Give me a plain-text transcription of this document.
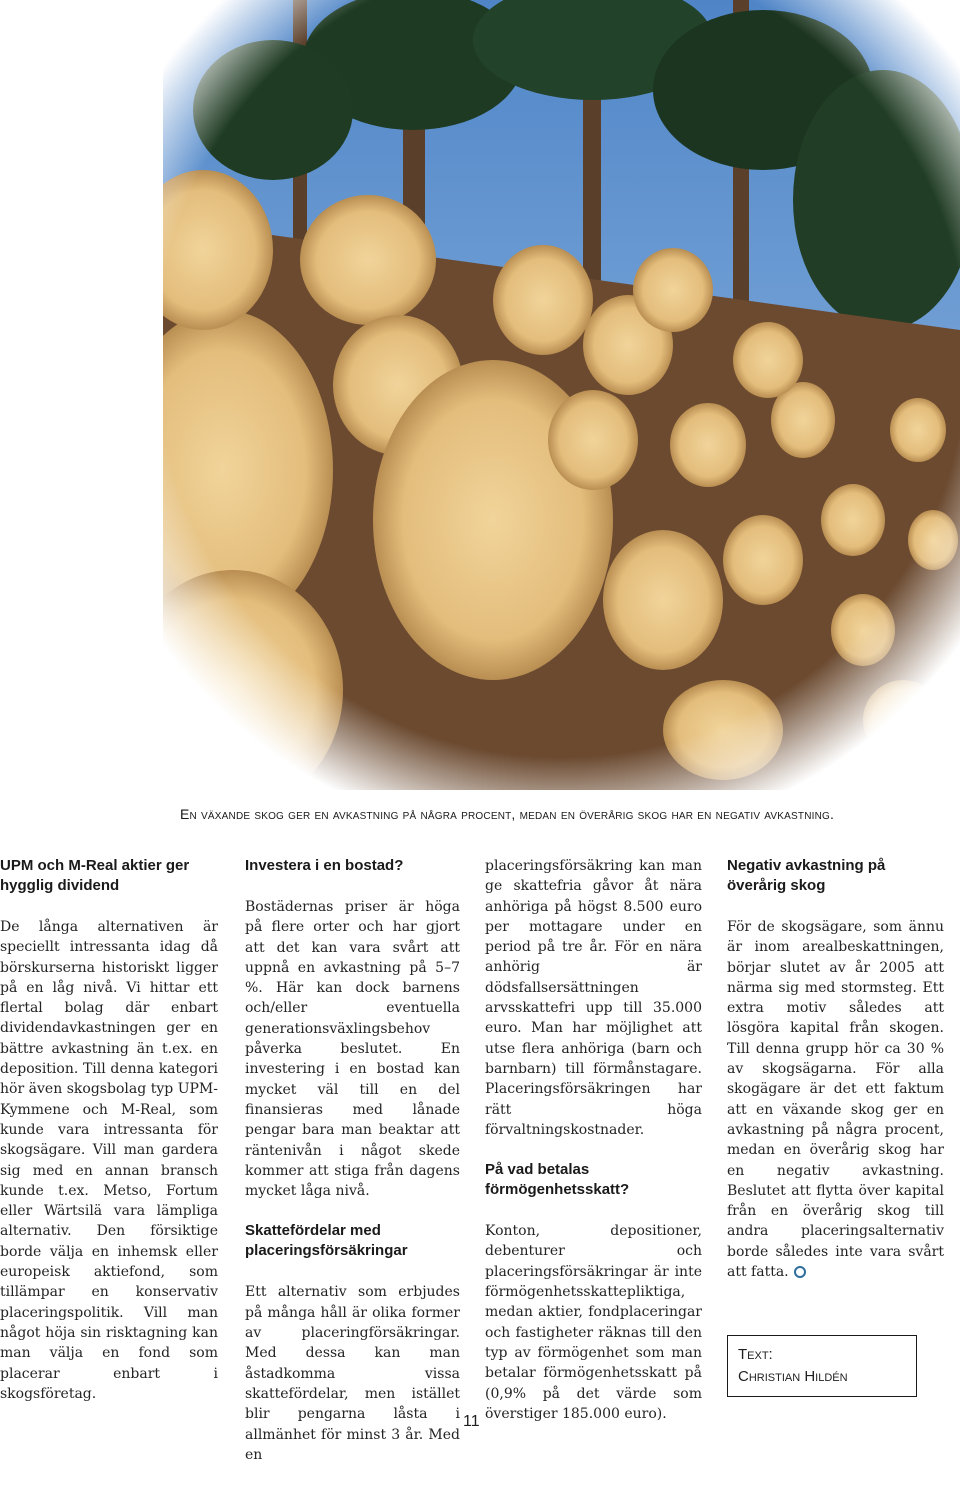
En växande skog ger en avkastning på några procent, medan en överårig skog har en negativ avkastning.
UPM och M-Real aktier ger hygglig dividend

De långa alternativen är speciellt intressanta idag då börskurserna historiskt ligger på en låg nivå. Vi hittar ett flertal bolag där enbart dividendavkastningen ger en bättre avkastning än t.ex. en deposition. Till denna kategori hör även skogsbolag typ UPM-Kymmene och M-Real, som kunde vara intressanta för skogsägare. Vill man gardera sig med en annan bransch kunde t.ex. Metso, Fortum eller Wärtsilä vara lämpliga alternativ. Den försiktige borde välja en inhemsk eller europeisk aktiefond, som tillämpar en konservativ placeringspolitik. Vill man något höja sin risktagning kan man välja en fond som placerar enbart i skogsföretag.

Investera i en bostad?

Bostädernas priser är höga på flere orter och har gjort att det kan vara svårt att uppnå en avkastning på 5–7 %. Här kan dock barnens och/eller eventuella generationsväxlingsbehov påverka beslutet. En investering i en bostad kan mycket väl till en del finansieras med lånade pengar bara man beaktar att räntenivån i något skede kommer att stiga från dagens mycket låga nivå.

Skattefördelar med placeringsförsäkringar

Ett alternativ som erbjudes på många håll är olika former av placeringförsäkringar. Med dessa kan man åstadkomma vissa skattefördelar, men istället blir pengarna låsta i allmänhet för minst 3 år. Med en

placeringsförsäkring kan man ge skattefria gåvor åt nära anhöriga på högst 8.500 euro per mottagare under en period på tre år. För en nära anhörig är dödsfallsersättningen arvsskattefri upp till 35.000 euro. Man har möjlighet att utse flera anhöriga (barn och barnbarn) till förmånstagare. Placeringsförsäkringen har rätt höga förvaltningskostnader.

På vad betalas förmögenhetsskatt?

Konton, depositioner, debenturer och placeringsförsäkringar är inte förmögenhetsskattepliktiga, medan aktier, fondplaceringar och fastigheter räknas till den typ av förmögenhet som man betalar förmögenhetsskatt på (0,9% på det värde som överstiger 185.000 euro).

Negativ avkastning på överårig skog

För de skogsägare, som ännu är inom arealbeskattningen, börjar slutet av år 2005 att närma sig med stormsteg. Ett extra motiv således att lösgöra kapital från skogen. Till denna grupp hör ca 30 % av skogsägarna. För alla skogägare är det ett faktum att en växande skog ger en avkastning på några procent, medan en överårig skog har en negativ avkastning. Beslutet att flytta över kapital från en överårig skog till andra placeringsalternativ borde således inte vara svårt att fatta.

Text:
Christian Hildén
11
